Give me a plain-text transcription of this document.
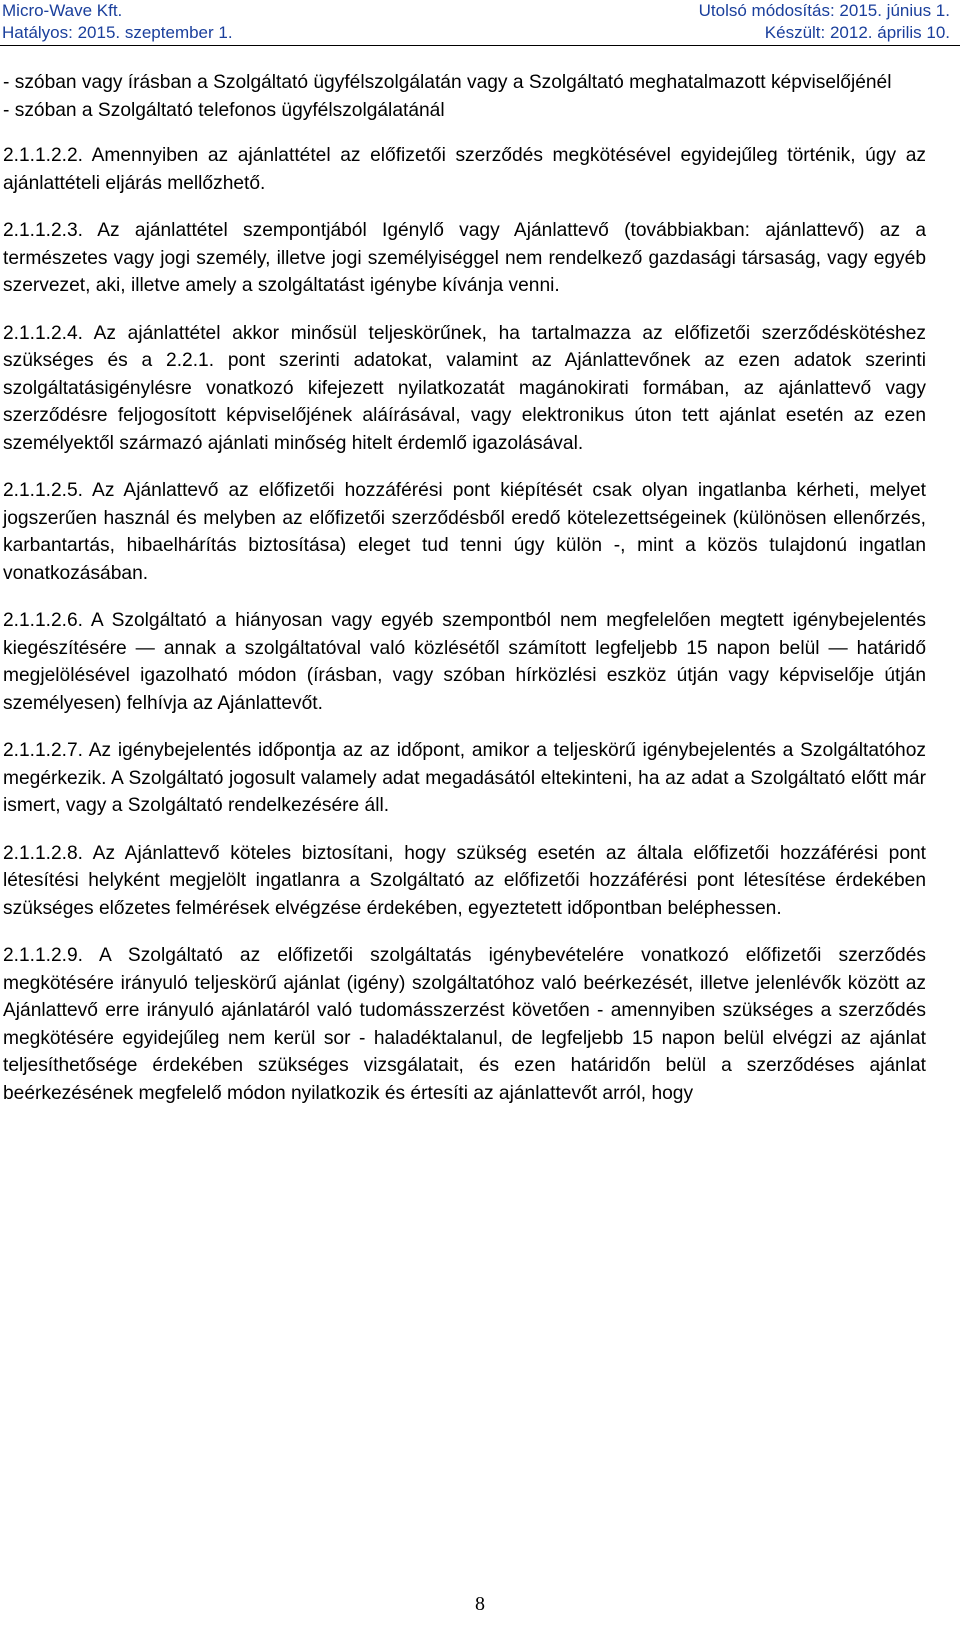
Micro-Wave Kft.	Utolsó módosítás: 2015. június 1.
Hatályos: 2015. szeptember 1.	Készült: 2012. április 10.

- szóban vagy írásban a Szolgáltató ügyfélszolgálatán vagy a Szolgáltató meghatalmazott képviselőjénél
- szóban a Szolgáltató telefonos ügyfélszolgálatánál

2.1.1.2.2. Amennyiben az ajánlattétel az előfizetői szerződés megkötésével egyidejűleg történik, úgy az ajánlattételi eljárás mellőzhető.

2.1.1.2.3. Az ajánlattétel szempontjából Igénylő vagy Ajánlattevő (továbbiakban: ajánlattevő) az a természetes vagy jogi személy, illetve jogi személyiséggel nem rendelkező gazdasági társaság, vagy egyéb szervezet, aki, illetve amely a szolgáltatást igénybe kívánja venni.

2.1.1.2.4. Az ajánlattétel akkor minősül teljeskörűnek, ha tartalmazza az előfizetői szerződéskötéshez szükséges és a 2.2.1. pont szerinti adatokat, valamint az Ajánlattevőnek az ezen adatok szerinti szolgáltatásigénylésre vonatkozó kifejezett nyilatkozatát magánokirati formában, az ajánlattevő vagy szerződésre feljogosított képviselőjének aláírásával, vagy elektronikus úton tett ajánlat esetén az ezen személyektől származó ajánlati minőség hitelt érdemlő igazolásával.

2.1.1.2.5. Az Ajánlattevő az előfizetői hozzáférési pont kiépítését csak olyan ingatlanba kérheti, melyet jogszerűen használ és melyben az előfizetői szerződésből eredő kötelezettségeinek (különösen ellenőrzés, karbantartás, hibaelhárítás biztosítása) eleget tud tenni úgy külön -, mint a közös tulajdonú ingatlan vonatkozásában.

2.1.1.2.6. A Szolgáltató a hiányosan vagy egyéb szempontból nem megfelelően megtett igénybejelentés kiegészítésére — annak a szolgáltatóval való közlésétől számított legfeljebb 15 napon belül — határidő megjelölésével igazolható módon (írásban, vagy szóban hírközlési eszköz útján vagy képviselője útján személyesen) felhívja az Ajánlattevőt.

2.1.1.2.7. Az igénybejelentés időpontja az az időpont, amikor a teljeskörű igénybejelentés a Szolgáltatóhoz megérkezik. A Szolgáltató jogosult valamely adat megadásától eltekinteni, ha az adat a Szolgáltató előtt már ismert, vagy a Szolgáltató rendelkezésére áll.

2.1.1.2.8. Az Ajánlattevő köteles biztosítani, hogy szükség esetén az általa előfizetői hozzáférési pont létesítési helyként megjelölt ingatlanra a Szolgáltató az előfizetői hozzáférési pont létesítése érdekében szükséges előzetes felmérések elvégzése érdekében, egyeztetett időpontban beléphessen.

2.1.1.2.9. A Szolgáltató az előfizetői szolgáltatás igénybevételére vonatkozó előfizetői szerződés megkötésére irányuló teljeskörű ajánlat (igény) szolgáltatóhoz való beérkezését, illetve jelenlévők között az Ajánlattevő erre irányuló ajánlatáról való tudomásszerzést követően - amennyiben szükséges a szerződés megkötésére egyidejűleg nem kerül sor - haladéktalanul, de legfeljebb 15 napon belül elvégzi az ajánlat teljesíthetősége érdekében szükséges vizsgálatait, és ezen határidőn belül a szerződéses ajánlat beérkezésének megfelelő módon nyilatkozik és értesíti az ajánlattevőt arról, hogy

8
